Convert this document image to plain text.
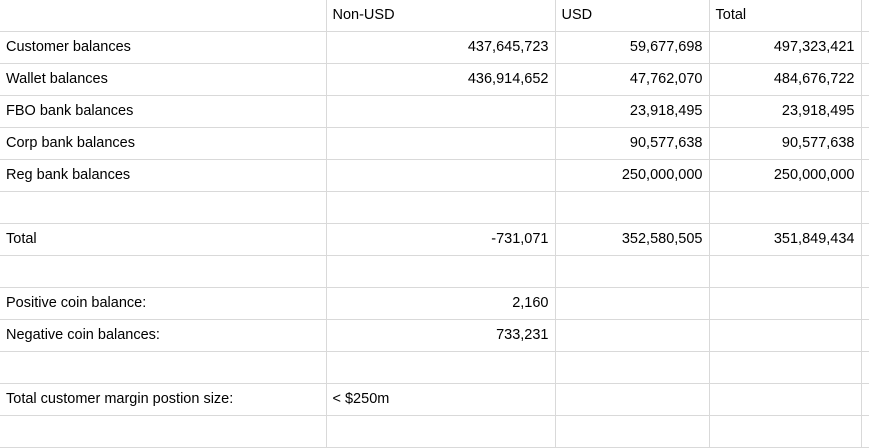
	Non-USD	USD	Total	
Customer balances	437,645,723	59,677,698	497,323,421	
Wallet balances	436,914,652	47,762,070	484,676,722	
FBO bank balances		23,918,495	23,918,495	
Corp bank balances		90,577,638	90,577,638	
Reg bank balances		250,000,000	250,000,000	

Total	-731,071	352,580,505	351,849,434	

Positive coin balance:	2,160			
Negative coin balances:	733,231			

Total customer margin postion size:	< $250m			
